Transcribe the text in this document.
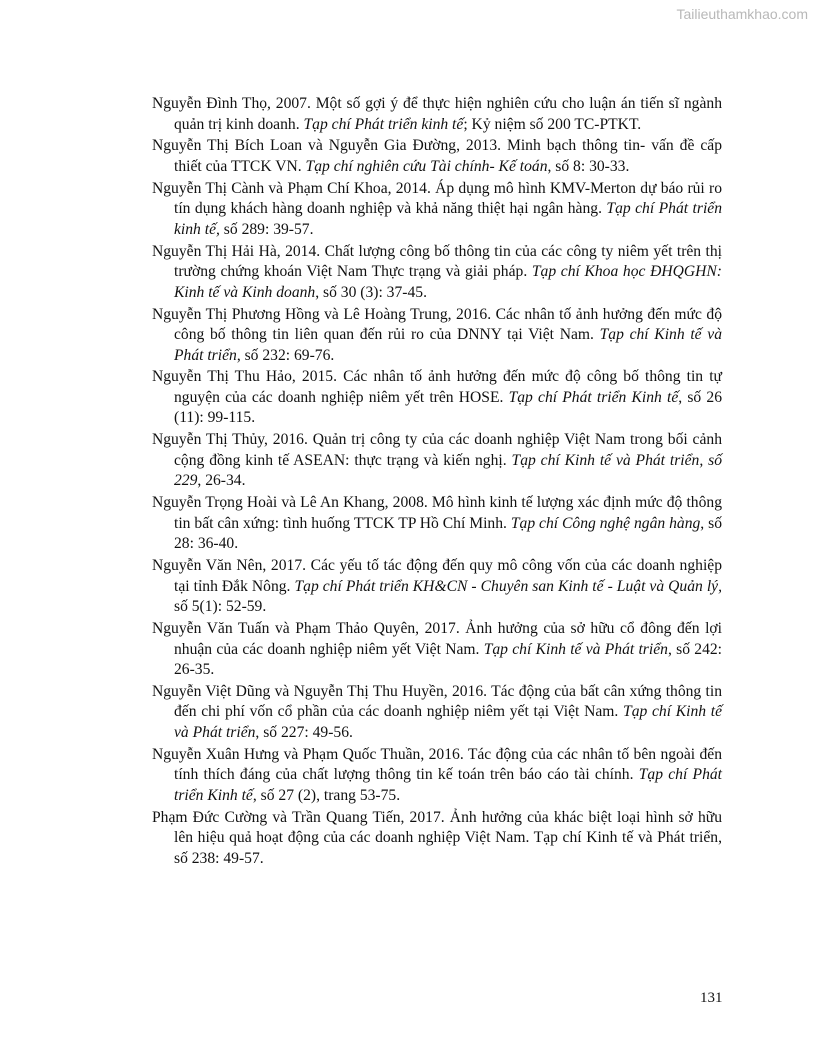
Tailieuthamkhao.com
Nguyễn Đình Thọ, 2007. Một số gợi ý để thực hiện nghiên cứu cho luận án tiến sĩ ngành quản trị kinh doanh. Tạp chí Phát triển kinh tế; Kỷ niệm số 200 TC-PTKT.
Nguyễn Thị Bích Loan và Nguyễn Gia Đường, 2013. Minh bạch thông tin- vấn đề cấp thiết của TTCK VN. Tạp chí nghiên cứu Tài chính- Kế toán, số 8: 30-33.
Nguyễn Thị Cành và Phạm Chí Khoa, 2014. Áp dụng mô hình KMV-Merton dự báo rủi ro tín dụng khách hàng doanh nghiệp và khả năng thiệt hại ngân hàng. Tạp chí Phát triển kinh tế, số 289: 39-57.
Nguyễn Thị Hải Hà, 2014. Chất lượng công bố thông tin của các công ty niêm yết trên thị trường chứng khoán Việt Nam Thực trạng và giải pháp. Tạp chí Khoa học ĐHQGHN: Kinh tế và Kinh doanh, số 30 (3): 37-45.
Nguyễn Thị Phương Hồng và Lê Hoàng Trung, 2016. Các nhân tố ảnh hưởng đến mức độ công bố thông tin liên quan đến rủi ro của DNNY tại Việt Nam. Tạp chí Kinh tế và Phát triển, số 232: 69-76.
Nguyễn Thị Thu Hảo, 2015. Các nhân tố ảnh hưởng đến mức độ công bố thông tin tự nguyện của các doanh nghiệp niêm yết trên HOSE. Tạp chí Phát triển Kinh tế, số 26 (11): 99-115.
Nguyễn Thị Thủy, 2016. Quản trị công ty của các doanh nghiệp Việt Nam trong bối cảnh cộng đồng kinh tế ASEAN: thực trạng và kiến nghị. Tạp chí Kinh tế và Phát triển, số 229, 26-34.
Nguyễn Trọng Hoài và Lê An Khang, 2008. Mô hình kinh tế lượng xác định mức độ thông tin bất cân xứng: tình huống TTCK TP Hồ Chí Minh. Tạp chí Công nghệ ngân hàng, số 28: 36-40.
Nguyễn Văn Nên, 2017. Các yếu tố tác động đến quy mô công vốn của các doanh nghiệp tại tỉnh Đắk Nông. Tạp chí Phát triển KH&CN - Chuyên san Kinh tế - Luật và Quản lý, số 5(1): 52-59.
Nguyễn Văn Tuấn và Phạm Thảo Quyên, 2017. Ảnh hưởng của sở hữu cổ đông đến lợi nhuận của các doanh nghiệp niêm yết Việt Nam. Tạp chí Kinh tế và Phát triển, số 242: 26-35.
Nguyễn Việt Dũng và Nguyễn Thị Thu Huyền, 2016. Tác động của bất cân xứng thông tin đến chi phí vốn cổ phần của các doanh nghiệp niêm yết tại Việt Nam. Tạp chí Kinh tế và Phát triển, số 227: 49-56.
Nguyễn Xuân Hưng và Phạm Quốc Thuần, 2016. Tác động của các nhân tố bên ngoài đến tính thích đáng của chất lượng thông tin kế toán trên báo cáo tài chính. Tạp chí Phát triển Kinh tế, số 27 (2), trang 53-75.
Phạm Đức Cường và Trần Quang Tiến, 2017. Ảnh hưởng của khác biệt loại hình sở hữu lên hiệu quả hoạt động của các doanh nghiệp Việt Nam. Tạp chí Kinh tế và Phát triển, số 238: 49-57.
131
